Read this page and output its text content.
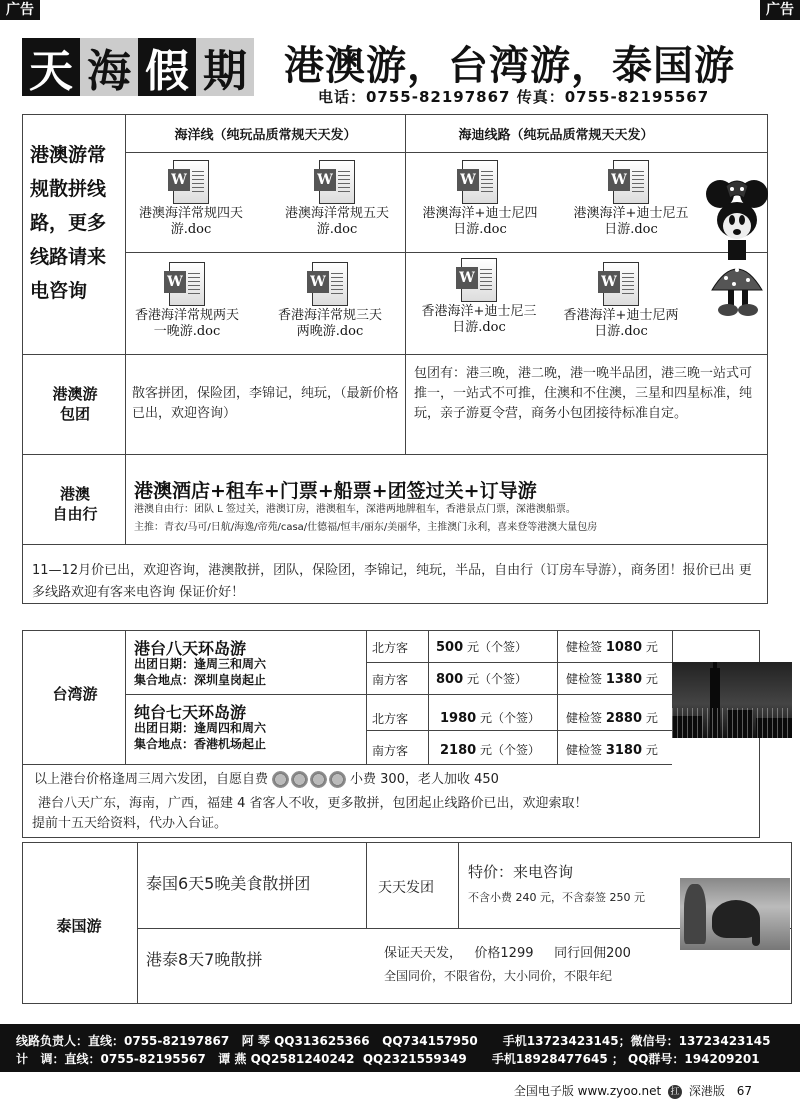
广告	广告
天 海 假 期 港澳游，台湾游，泰国游
电话：0755-82197867 传真：0755-82195567
港澳游常
规散拼线
路，更多
线路请来
电咨询
海洋线（纯玩品质常规天天发）	海迪线路（纯玩品质常规天天发）
W
港澳海洋常规四天
游.doc
W
港澳海洋常规五天
游.doc
W
港澳海洋+迪士尼四
日游.doc
W
港澳海洋+迪士尼五
日游.doc
W
香港海洋常规两天
一晚游.doc
W
香港海洋常规三天
两晚游.doc
W
香港海洋+迪士尼三
日游.doc
W
香港海洋+迪士尼两
日游.doc
港澳游
包团
散客拼团，保险团，李锦记，纯玩，（最新价格已出，欢迎咨询）
包团有：港三晚，港二晚，港一晚半品团，港三晚一站式可推一，一站式不可推，住澳和不住澳，三星和四星标准，纯玩，亲子游夏令营，商务小包团接待标准自定。
港澳
自由行
港澳酒店+租车+门票+船票+团签过关+订导游
港澳自由行：团队 L 签过关，港澳订房，港澳租车，深港两地牌租车，香港景点门票，深港澳船票。
主推：青衣/马可/日航/海逸/帝苑/casa/仕德福/恒丰/丽东/美丽华，主推澳门永利，喜来登等港澳大量包房
11—12月价已出，欢迎咨询，港澳散拼，团队，保险团，李锦记，纯玩，半品，自由行（订房车导游），商务团！报价已出 更多线路欢迎有客来电咨询 保证价好！
台湾游
港台八天环岛游
出团日期：逢周三和周六
集合地点：深圳皇岗起止
纯台七天环岛游
出团日期：逢周四和周六
集合地点：香港机场起止
北方客 500 元（个签）	健检签 1080 元
南方客 800 元（个签）	健检签 1380 元
北方客 1980 元（个签） 健检签 2880 元
南方客 2180 元（个签） 健检签 3180 元
以上港台价格逢周三周六发团，自愿自费	小费 300，老人加收 450
港台八天广东，海南，广西，福建 4 省客人不收，更多散拼，包团起止线路价已出，欢迎索取！
提前十五天给资料，代办入台证。
泰国游
泰国6天5晚美食散拼团	天天发团
特价：来电咨询
不含小费 240 元，不含泰签 250 元
港泰8天7晚散拼	保证天天发，   价格1299     同行回佣200
全国同价，不限省份，大小同价，不限年纪
线路负责人：直线：0755-82197867   阿 琴 QQ313625366   QQ734157950      手机13723423145；微信号：13723423145
计   调：直线：0755-82195567   谭 燕 QQ2581240242  QQ2321559349      手机18928477645 ； QQ群号：194209201
全国电子版 www.zyoo.net 扛 深港版 67
